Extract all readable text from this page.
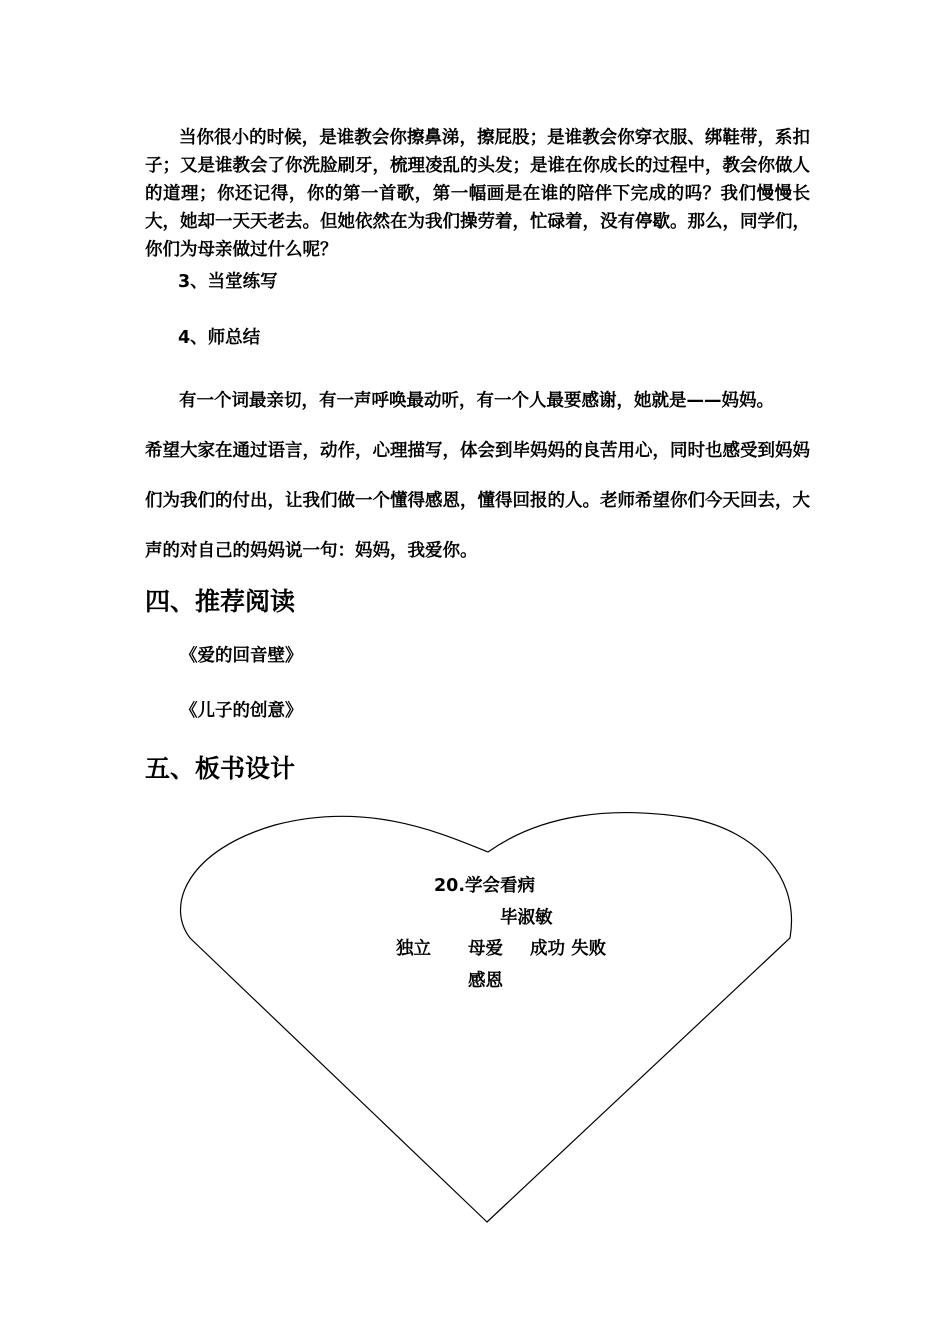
当你很小的时候，是谁教会你擦鼻涕，擦屁股；是谁教会你穿衣服、绑鞋带，系扣子；又是谁教会了你洗脸刷牙，梳理凌乱的头发；是谁在你成长的过程中，教会你做人的道理；你还记得，你的第一首歌，第一幅画是在谁的陪伴下完成的吗？我们慢慢长大，她却一天天老去。但她依然在为我们操劳着，忙碌着，没有停歇。那么，同学们，你们为母亲做过什么呢？
3、当堂练写
4、师总结
有一个词最亲切，有一声呼唤最动听，有一个人最要感谢，她就是——妈妈。
希望大家在通过语言，动作，心理描写，体会到毕妈妈的良苦用心，同时也感受到妈妈们为我们的付出，让我们做一个懂得感恩，懂得回报的人。老师希望你们今天回去，大声的对自己的妈妈说一句：妈妈，我爱你。
四、推荐阅读
《爱的回音壁》
《儿子的创意》
五、板书设计
20.学会看病
毕淑敏
独立 母爱 成功 失败
感恩
